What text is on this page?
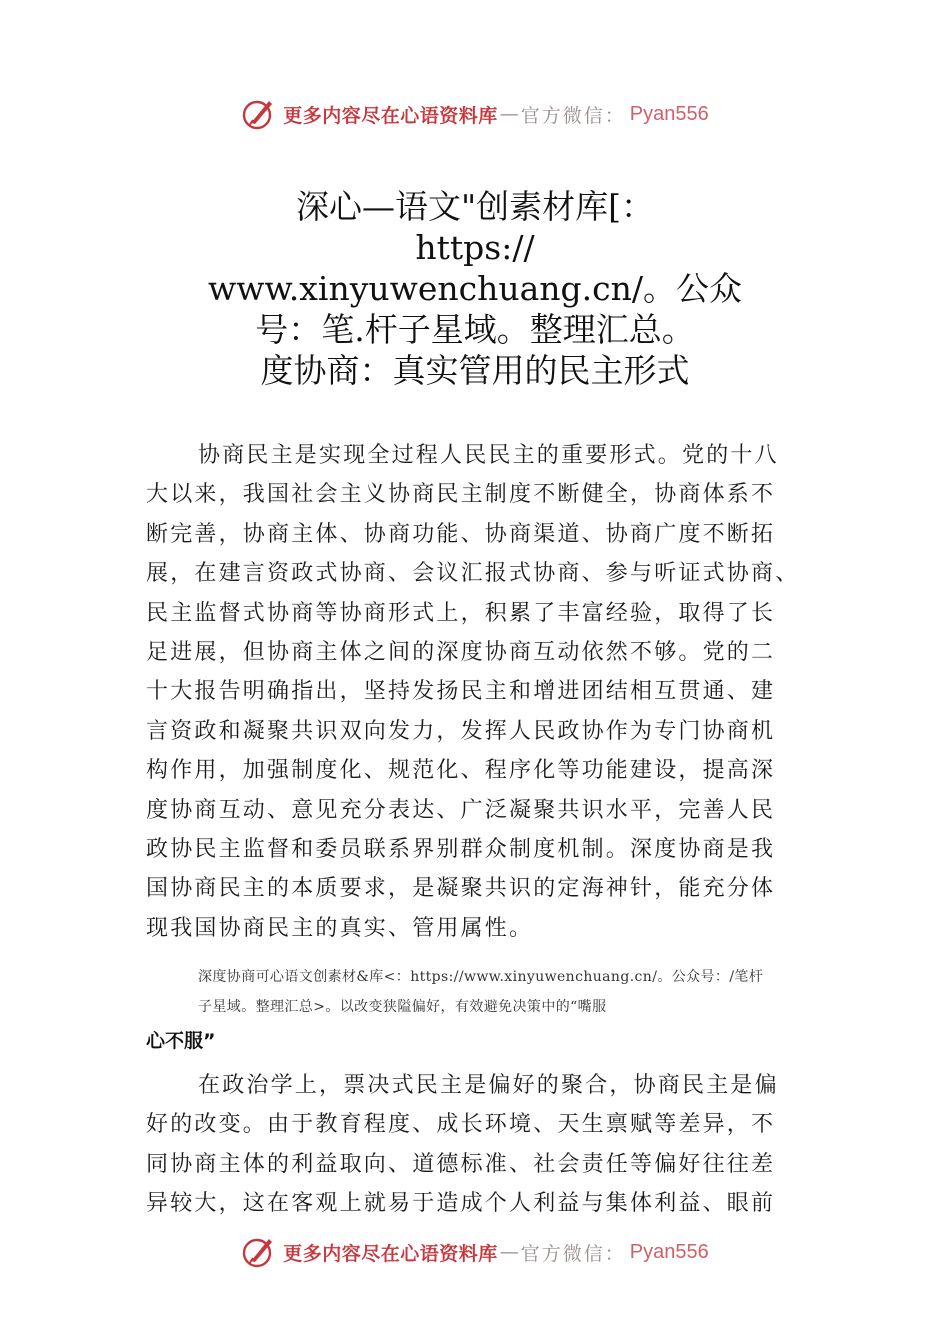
更多内容尽在心语资料库 — 官方微信： Pyan556
深心—语文"创素材库[：
https://
www.xinyuwenchuang.cn/。公众
号：笔.杆子星域。整理汇总。
度协商：真实管用的民主形式
协商民主是实现全过程人民民主的重要形式。党的十八
大以来，我国社会主义协商民主制度不断健全，协商体系不
断完善，协商主体、协商功能、协商渠道、协商广度不断拓
展，在建言资政式协商、会议汇报式协商、参与听证式协商、
民主监督式协商等协商形式上，积累了丰富经验，取得了长
足进展，但协商主体之间的深度协商互动依然不够。党的二
十大报告明确指出，坚持发扬民主和增进团结相互贯通、建
言资政和凝聚共识双向发力，发挥人民政协作为专门协商机
构作用，加强制度化、规范化、程序化等功能建设，提高深
度协商互动、意见充分表达、广泛凝聚共识水平，完善人民
政协民主监督和委员联系界别群众制度机制。深度协商是我
国协商民主的本质要求，是凝聚共识的定海神针，能充分体
现我国协商民主的真实、管用属性。
深度协商可心语文创素材&库<：https://www.xinyuwenchuang.cn/。公众号：/笔杆
子星域。整理汇总>。以改变狭隘偏好，有效避免决策中的“嘴服
心不服”
在政治学上，票决式民主是偏好的聚合，协商民主是偏
好的改变。由于教育程度、成长环境、天生禀赋等差异，不
同协商主体的利益取向、道德标准、社会责任等偏好往往差
异较大，这在客观上就易于造成个人利益与集体利益、眼前
更多内容尽在心语资料库 — 官方微信： Pyan556
